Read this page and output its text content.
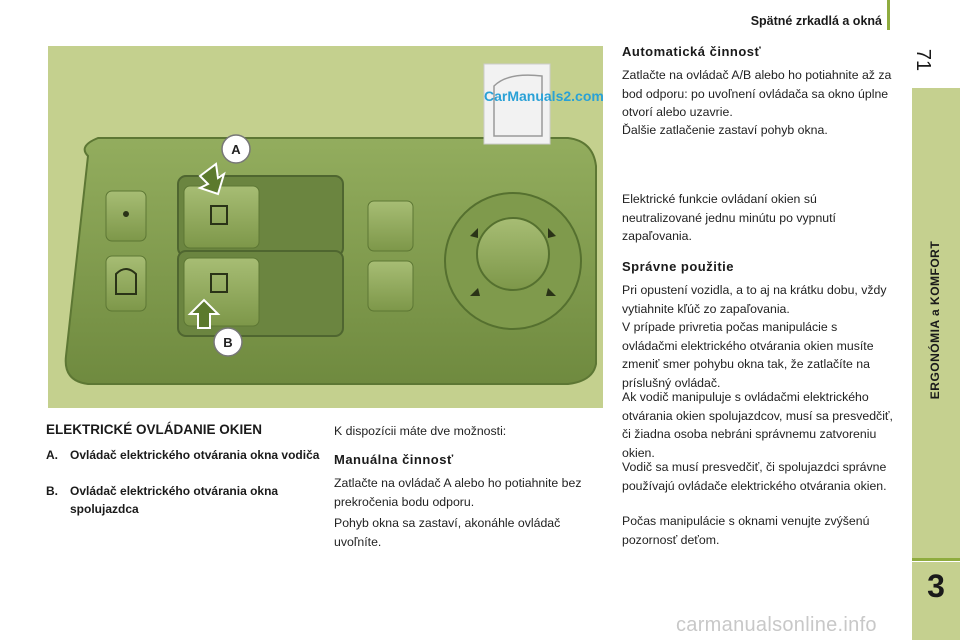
Spätné zrkadlá a okná
71
ERGONÓMIA a KOMFORT
3
A
B
CarManuals2.com
ELEKTRICKÉ OVLÁDANIE OKIEN
A. Ovládač elektrického otvárania okna vodiča
B. Ovládač elektrického otvárania okna spolujazdca
K dispozícii máte dve možnosti:
Manuálna činnosť
Zatlačte na ovládač A alebo ho potiahnite bez prekročenia bodu odporu.
Pohyb okna sa zastaví, akonáhle ovládač uvoľníte.
Automatická činnosť
Zatlačte na ovládač A/B alebo ho potiahnite až za bod odporu: po uvoľnení ovládača sa okno úplne otvorí alebo uzavrie.
Ďalšie zatlačenie zastaví pohyb okna.
Elektrické funkcie ovládaní okien sú neutralizované jednu minútu po vypnutí zapaľovania.
Správne použitie
Pri opustení vozidla, a to aj na krátku dobu, vždy vytiahnite kľúč zo zapaľovania.
V prípade privretia počas manipulácie s ovládačmi elektrického otvárania okien musíte zmeniť smer pohybu okna tak, že zatlačíte na príslušný ovládač.
Ak vodič manipuluje s ovládačmi elektrického otvárania okien spolujazdcov, musí sa presvedčiť, či žiadna osoba nebráni správnemu zatvoreniu okien.
Vodič sa musí presvedčiť, či spolujazdci správne používajú ovládače elektrického otvárania okien.
Počas manipulácie s oknami venujte zvýšenú pozornosť deťom.
carmanualsonline.info
